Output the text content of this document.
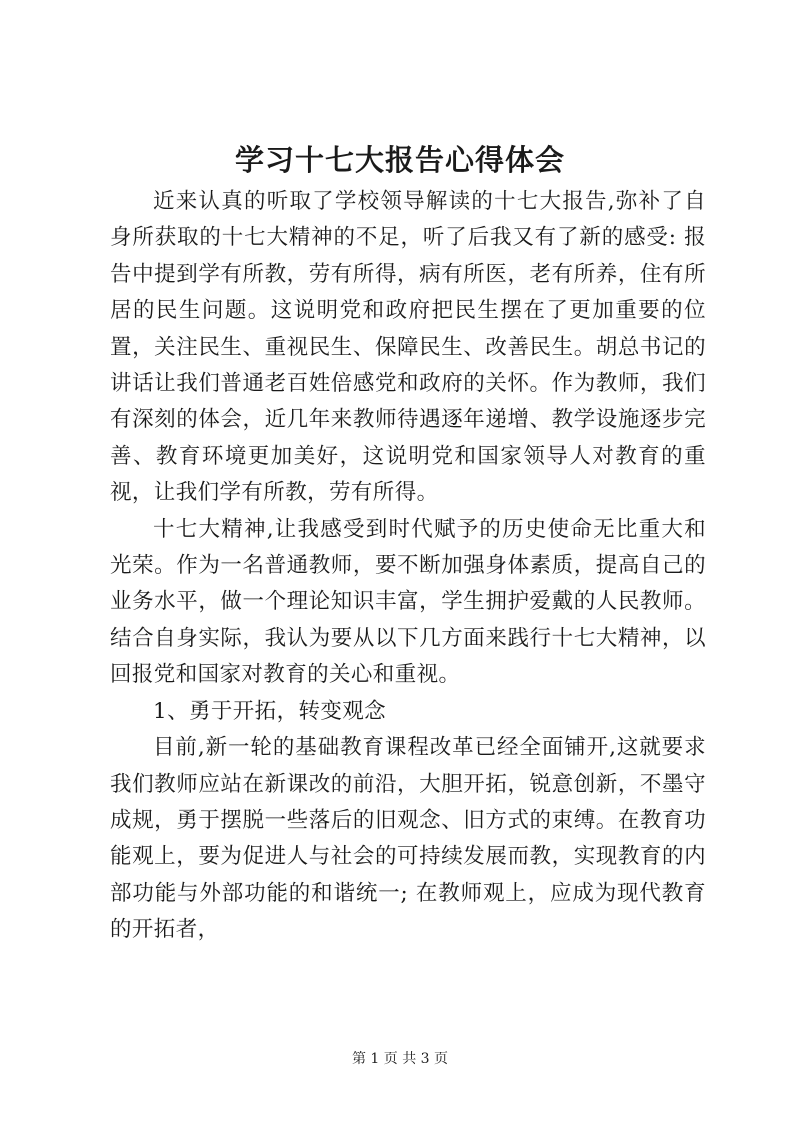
学习十七大报告心得体会

近来认真的听取了学校领导解读的十七大报告,弥补了自身所获取的十七大精神的不足，听了后我又有了新的感受: 报告中提到学有所教，劳有所得，病有所医，老有所养，住有所居的民生问题。这说明党和政府把民生摆在了更加重要的位置，关注民生、重视民生、保障民生、改善民生。胡总书记的讲话让我们普通老百姓倍感党和政府的关怀。作为教师，我们有深刻的体会，近几年来教师待遇逐年递增、教学设施逐步完善、教育环境更加美好，这说明党和国家领导人对教育的重视，让我们学有所教，劳有所得。

十七大精神,让我感受到时代赋予的历史使命无比重大和光荣。作为一名普通教师，要不断加强身体素质，提高自己的业务水平，做一个理论知识丰富，学生拥护爱戴的人民教师。结合自身实际，我认为要从以下几方面来践行十七大精神，以回报党和国家对教育的关心和重视。

1、勇于开拓，转变观念

目前,新一轮的基础教育课程改革已经全面铺开,这就要求我们教师应站在新课改的前沿，大胆开拓，锐意创新，不墨守成规，勇于摆脱一些落后的旧观念、旧方式的束缚。在教育功能观上，要为促进人与社会的可持续发展而教，实现教育的内部功能与外部功能的和谐统一; 在教师观上，应成为现代教育的开拓者，

第 1 页 共 3 页
